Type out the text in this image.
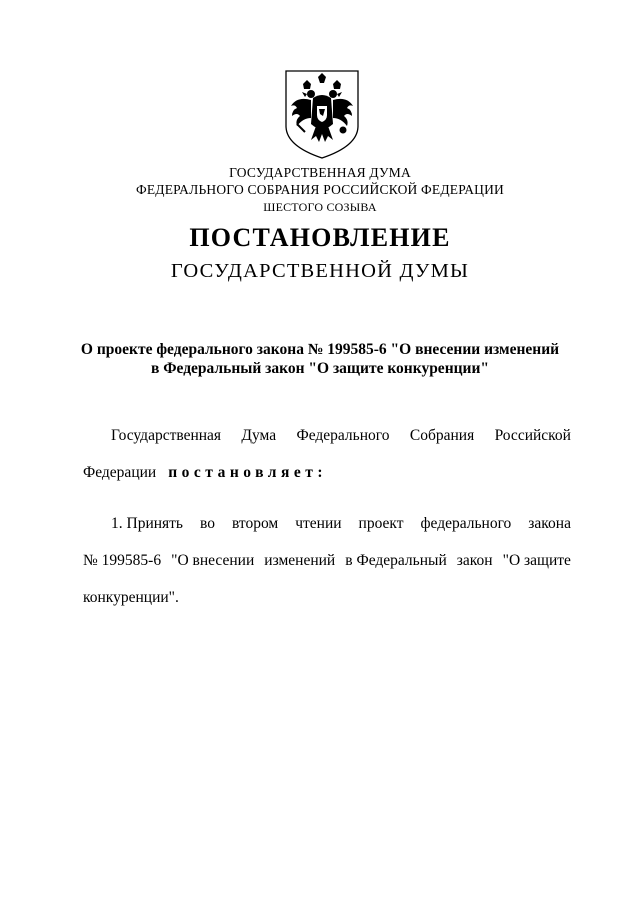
ГОСУДАРСТВЕННАЯ ДУМА
ФЕДЕРАЛЬНОГО СОБРАНИЯ РОССИЙСКОЙ ФЕДЕРАЦИИ
ШЕСТОГО СОЗЫВА
ПОСТАНОВЛЕНИЕ
ГОСУДАРСТВЕННОЙ ДУМЫ
О проекте федерального закона № 199585-6 "О внесении изменений
в Федеральный закон "О защите конкуренции"
Государственная Дума Федерального Собрания Российской
Федерации постановляет:
1. Принять во втором чтении проект федерального закона
№ 199585-6 "О внесении изменений в Федеральный закон "О защите
конкуренции".
